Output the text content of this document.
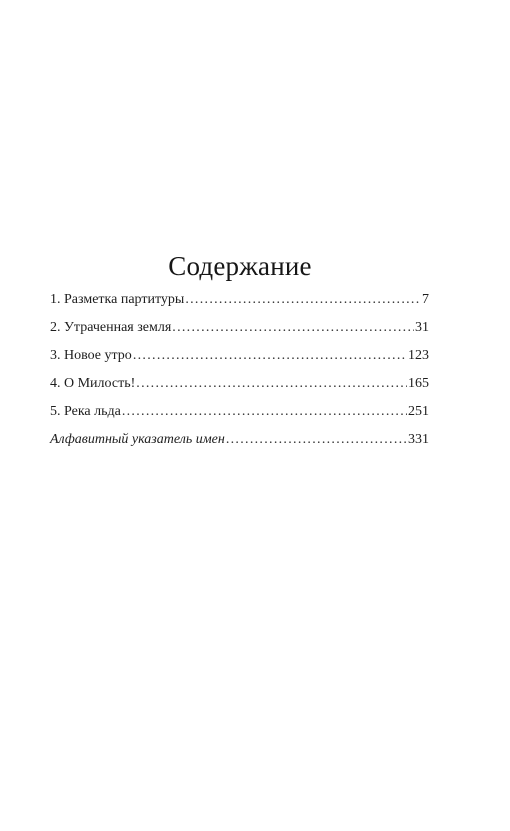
Содержание
1. Разметка партитуры . . .	7
2. Утраченная земля . . .	31
3. Новое утро . . .	123
4. О Милость! . . .	165
5. Река льда . . .	251
Алфавитный указатель имен . . .	331
